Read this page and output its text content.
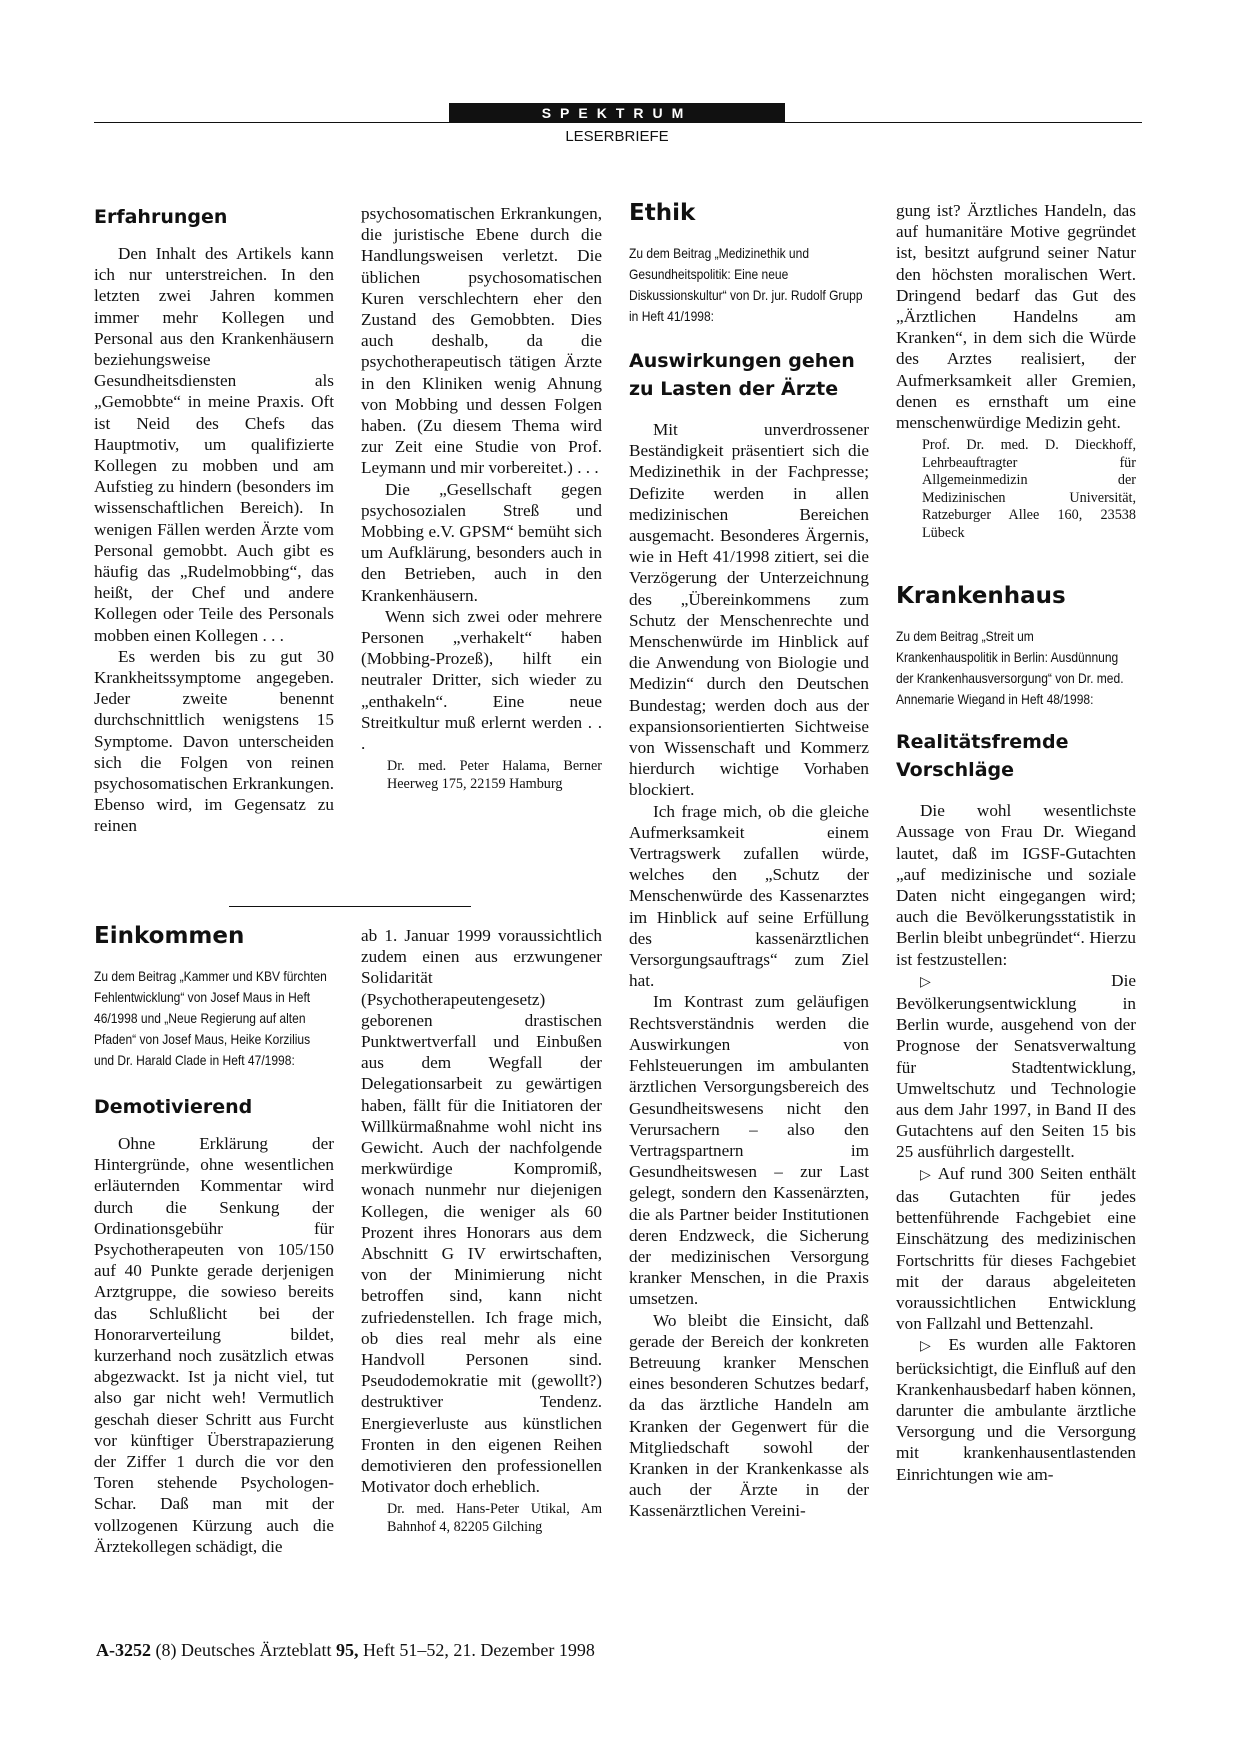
SPEKTRUM
LESERBRIEFE
Erfahrungen

Den Inhalt des Artikels kann ich nur unterstreichen. In den letzten zwei Jahren kommen immer mehr Kollegen und Personal aus den Krankenhäusern beziehungsweise Gesundheitsdiensten als „Gemobbte“ in meine Praxis. Oft ist Neid des Chefs das Hauptmotiv, um qualifizierte Kollegen zu mobben und am Aufstieg zu hindern (besonders im wissenschaftlichen Bereich). In wenigen Fällen werden Ärzte vom Personal gemobbt. Auch gibt es häufig das „Rudelmobbing“, das heißt, der Chef und andere Kollegen oder Teile des Personals mobben einen Kollegen . . .

Es werden bis zu gut 30 Krankheitssymptome angegeben. Jeder zweite benennt durchschnittlich wenigstens 15 Symptome. Davon unterscheiden sich die Folgen von reinen psychosomatischen Erkrankungen. Ebenso wird, im Gegensatz zu reinen

psychosomatischen Erkrankungen, die juristische Ebene durch die Handlungsweisen verletzt. Die üblichen psychosomatischen Kuren verschlechtern eher den Zustand des Gemobbten. Dies auch deshalb, da die psychotherapeutisch tätigen Ärzte in den Kliniken wenig Ahnung von Mobbing und dessen Folgen haben. (Zu diesem Thema wird zur Zeit eine Studie von Prof. Leymann und mir vorbereitet.) . . .

Die „Gesellschaft gegen psychosozialen Streß und Mobbing e.V. GPSM“ bemüht sich um Aufklärung, besonders auch in den Betrieben, auch in den Krankenhäusern.

Wenn sich zwei oder mehrere Personen „verhakelt“ haben (Mobbing-Prozeß), hilft ein neutraler Dritter, sich wieder zu „enthakeln“. Eine neue Streitkultur muß erlernt werden . . .

Dr. med. Peter Halama, Berner Heerweg 175, 22159 Hamburg

Einkommen

Zu dem Beitrag „Kammer und KBV fürchten Fehlentwicklung“ von Josef Maus in Heft 46/1998 und „Neue Regierung auf alten Pfaden“ von Josef Maus, Heike Korzilius und Dr. Harald Clade in Heft 47/1998:

Demotivierend

Ohne Erklärung der Hintergründe, ohne wesentlichen erläuternden Kommentar wird durch die Senkung der Ordinationsgebühr für Psychotherapeuten von 105/150 auf 40 Punkte gerade derjenigen Arztgruppe, die sowieso bereits das Schlußlicht bei der Honorarverteilung bildet, kurzerhand noch zusätzlich etwas abgezwackt. Ist ja nicht viel, tut also gar nicht weh! Vermutlich geschah dieser Schritt aus Furcht vor künftiger Überstrapazierung der Ziffer 1 durch die vor den Toren stehende Psychologen-Schar. Daß man mit der vollzogenen Kürzung auch die Ärztekollegen schädigt, die

ab 1. Januar 1999 voraussichtlich zudem einen aus erzwungener Solidarität (Psychotherapeutengesetz) geborenen drastischen Punktwertverfall und Einbußen aus dem Wegfall der Delegationsarbeit zu gewärtigen haben, fällt für die Initiatoren der Willkürmaßnahme wohl nicht ins Gewicht. Auch der nachfolgende merkwürdige Kompromiß, wonach nunmehr nur diejenigen Kollegen, die weniger als 60 Prozent ihres Honorars aus dem Abschnitt G IV erwirtschaften, von der Minimierung nicht betroffen sind, kann nicht zufriedenstellen. Ich frage mich, ob dies real mehr als eine Handvoll Personen sind. Pseudodemokratie mit (gewollt?) destruktiver Tendenz. Energieverluste aus künstlichen Fronten in den eigenen Reihen demotivieren den professionellen Motivator doch erheblich.

Dr. med. Hans-Peter Utikal, Am Bahnhof 4, 82205 Gilching

Ethik

Zu dem Beitrag „Medizinethik und Gesundheitspolitik: Eine neue Diskussionskultur“ von Dr. jur. Rudolf Grupp in Heft 41/1998:

Auswirkungen gehen zu Lasten der Ärzte

Mit unverdrossener Beständigkeit präsentiert sich die Medizinethik in der Fachpresse; Defizite werden in allen medizinischen Bereichen ausgemacht. Besonderes Ärgernis, wie in Heft 41/1998 zitiert, sei die Verzögerung der Unterzeichnung des „Übereinkommens zum Schutz der Menschenrechte und Menschenwürde im Hinblick auf die Anwendung von Biologie und Medizin“ durch den Deutschen Bundestag; werden doch aus der expansionsorientierten Sichtweise von Wissenschaft und Kommerz hierdurch wichtige Vorhaben blockiert.

Ich frage mich, ob die gleiche Aufmerksamkeit einem Vertragswerk zufallen würde, welches den „Schutz der Menschenwürde des Kassenarztes im Hinblick auf seine Erfüllung des kassenärztlichen Versorgungsauftrags“ zum Ziel hat.

Im Kontrast zum geläufigen Rechtsverständnis werden die Auswirkungen von Fehlsteuerungen im ambulanten ärztlichen Versorgungsbereich des Gesundheitswesens nicht den Verursachern – also den Vertragspartnern im Gesundheitswesen – zur Last gelegt, sondern den Kassenärzten, die als Partner beider Institutionen deren Endzweck, die Sicherung der medizinischen Versorgung kranker Menschen, in die Praxis umsetzen.

Wo bleibt die Einsicht, daß gerade der Bereich der konkreten Betreuung kranker Menschen eines besonderen Schutzes bedarf, da das ärztliche Handeln am Kranken der Gegenwert für die Mitgliedschaft sowohl der Kranken in der Krankenkasse als auch der Ärzte in der Kassenärztlichen Vereini-

gung ist? Ärztliches Handeln, das auf humanitäre Motive gegründet ist, besitzt aufgrund seiner Natur den höchsten moralischen Wert. Dringend bedarf das Gut des „Ärztlichen Handelns am Kranken“, in dem sich die Würde des Arztes realisiert, der Aufmerksamkeit aller Gremien, denen es ernsthaft um eine menschenwürdige Medizin geht.

Prof. Dr. med. D. Dieckhoff, Lehrbeauftragter für Allgemeinmedizin der Medizinischen Universität, Ratzeburger Allee 160, 23538 Lübeck

Krankenhaus

Zu dem Beitrag „Streit um Krankenhauspolitik in Berlin: Ausdünnung der Krankenhausversorgung“ von Dr. med. Annemarie Wiegand in Heft 48/1998:

Realitätsfremde Vorschläge

Die wohl wesentlichste Aussage von Frau Dr. Wiegand lautet, daß im IGSF-Gutachten „auf medizinische und soziale Daten nicht eingegangen wird; auch die Bevölkerungsstatistik in Berlin bleibt unbegründet“. Hierzu ist festzustellen:

▷	Die Bevölkerungsentwicklung in Berlin wurde, ausgehend von der Prognose der Senatsverwaltung für Stadtentwicklung, Umweltschutz und Technologie aus dem Jahr 1997, in Band II des Gutachtens auf den Seiten 15 bis 25 ausführlich dargestellt.

▷ Auf rund 300 Seiten enthält das Gutachten für jedes bettenführende Fachgebiet eine Einschätzung des medizinischen Fortschritts für dieses Fachgebiet mit der daraus abgeleiteten voraussichtlichen Entwicklung von Fallzahl und Bettenzahl.

▷ Es wurden alle Faktoren berücksichtigt, die Einfluß auf den Krankenhausbedarf haben können, darunter die ambulante ärztliche Versorgung und die Versorgung mit krankenhausentlastenden Einrichtungen wie am-

A-3252 (8) Deutsches Ärzteblatt 95, Heft 51–52, 21. Dezember 1998
